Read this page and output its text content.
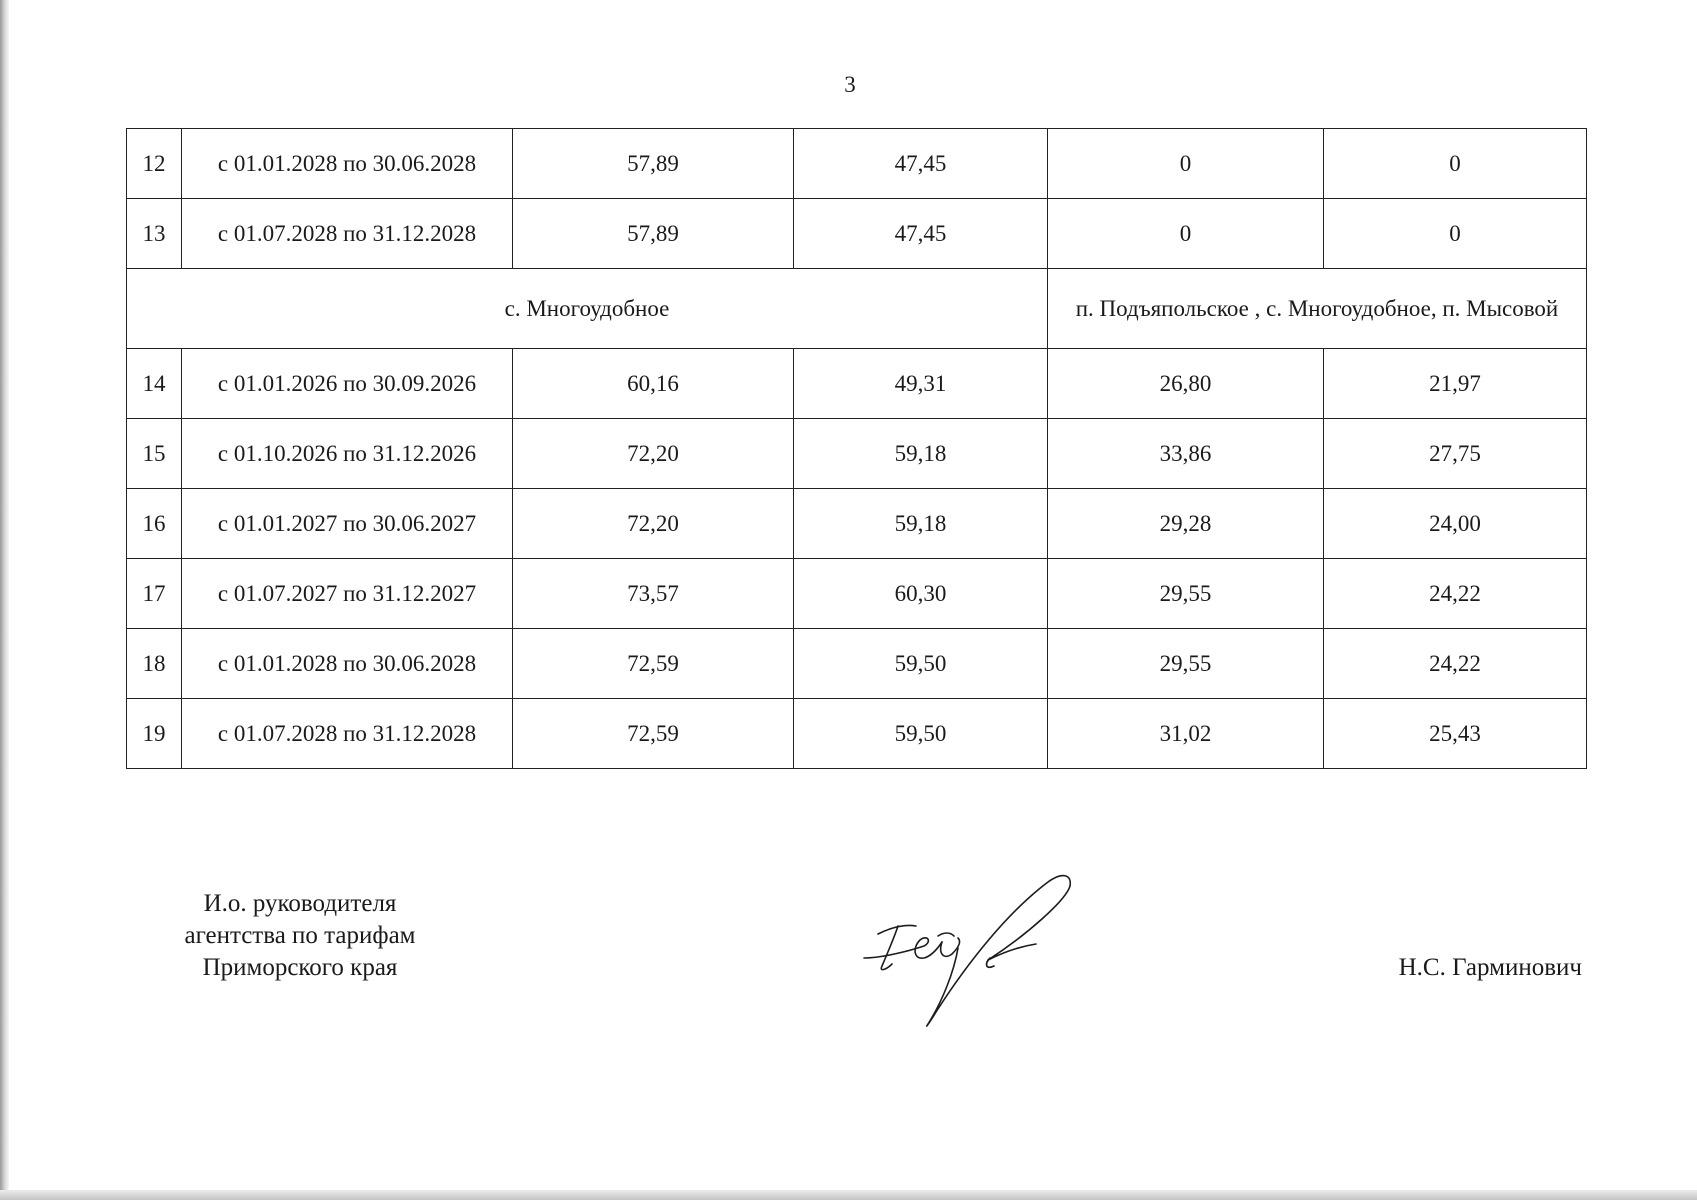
3
12	с 01.01.2028 по 30.06.2028	57,89	47,45	0	0
13	с 01.07.2028 по 31.12.2028	57,89	47,45	0	0
с. Многоудобное				п. Подъяпольское , с. Многоудобное, п. Мысовой	
14	с 01.01.2026 по 30.09.2026	60,16	49,31	26,80	21,97
15	с 01.10.2026 по 31.12.2026	72,20	59,18	33,86	27,75
16	с 01.01.2027 по 30.06.2027	72,20	59,18	29,28	24,00
17	с 01.07.2027 по 31.12.2027	73,57	60,30	29,55	24,22
18	с 01.01.2028 по 30.06.2028	72,59	59,50	29,55	24,22
19	с 01.07.2028 по 31.12.2028	72,59	59,50	31,02	25,43
И.о. руководителя
агентства по тарифам
Приморского края	Н.С. Гарминович
